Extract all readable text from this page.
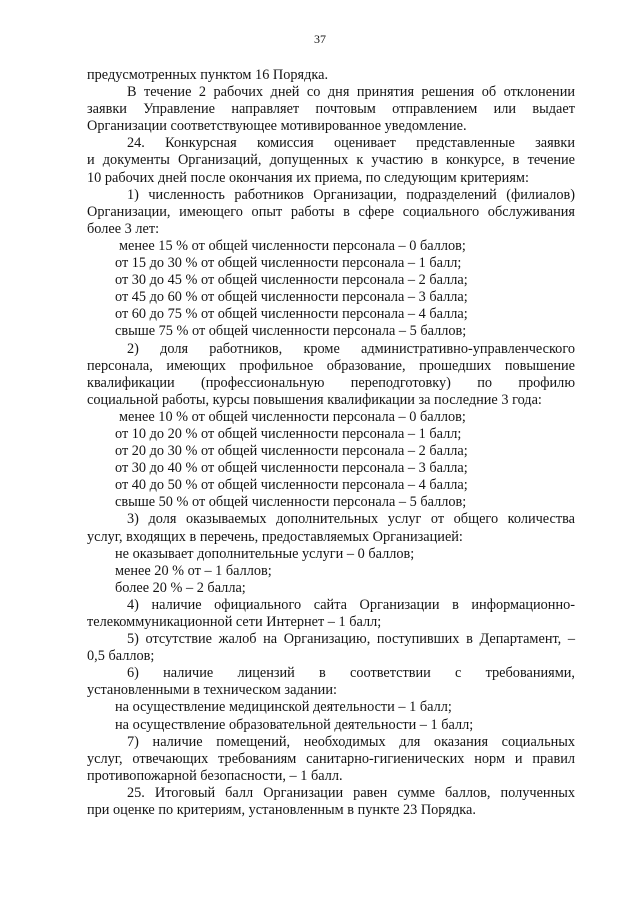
37

предусмотренных пунктом 16 Порядка.

В течение 2 рабочих дней со дня принятия решения об отклонении

заявки Управление направляет почтовым отправлением или выдает

Организации соответствующее мотивированное уведомление.

24. Конкурсная комиссия оценивает представленные заявки

и документы Организаций, допущенных к участию в конкурсе, в течение

10 рабочих дней после окончания их приема, по следующим критериям:

1) численность работников Организации, подразделений (филиалов)

Организации, имеющего опыт работы в сфере социального обслуживания

более 3 лет:

менее 15 % от общей численности персонала – 0 баллов;

от 15 до 30 % от общей численности персонала – 1 балл;

от 30 до 45 % от общей численности персонала – 2 балла;

от 45 до 60 % от общей численности персонала – 3 балла;

от 60 до 75 % от общей численности персонала – 4 балла;

свыше 75 % от общей численности персонала – 5 баллов;

2) доля работников, кроме административно-управленческого

персонала, имеющих профильное образование, прошедших повышение

квалификации (профессиональную переподготовку) по профилю

социальной работы, курсы повышения квалификации за последние 3 года:

менее 10 % от общей численности персонала – 0 баллов;

от 10 до 20 % от общей численности персонала – 1 балл;

от 20 до 30 % от общей численности персонала – 2 балла;

от 30 до 40 % от общей численности персонала – 3 балла;

от 40 до 50 % от общей численности персонала – 4 балла;

свыше 50 % от общей численности персонала – 5 баллов;

3) доля оказываемых дополнительных услуг от общего количества

услуг, входящих в перечень, предоставляемых Организацией:

не оказывает дополнительные услуги – 0 баллов;

менее 20 % от – 1 баллов;

более 20 % – 2 балла;

4) наличие официального сайта Организации в информационно-

телекоммуникационной сети Интернет – 1 балл;

5) отсутствие жалоб на Организацию, поступивших в Департамент, –

0,5 баллов;

6) наличие лицензий в соответствии с требованиями,

установленными в техническом задании:

на осуществление медицинской деятельности – 1 балл;

на осуществление образовательной деятельности – 1 балл;

7) наличие помещений, необходимых для оказания социальных

услуг, отвечающих требованиям санитарно-гигиенических норм и правил

противопожарной безопасности, – 1 балл.

25. Итоговый балл Организации равен сумме баллов, полученных

при оценке по критериям, установленным в пункте 23 Порядка.
